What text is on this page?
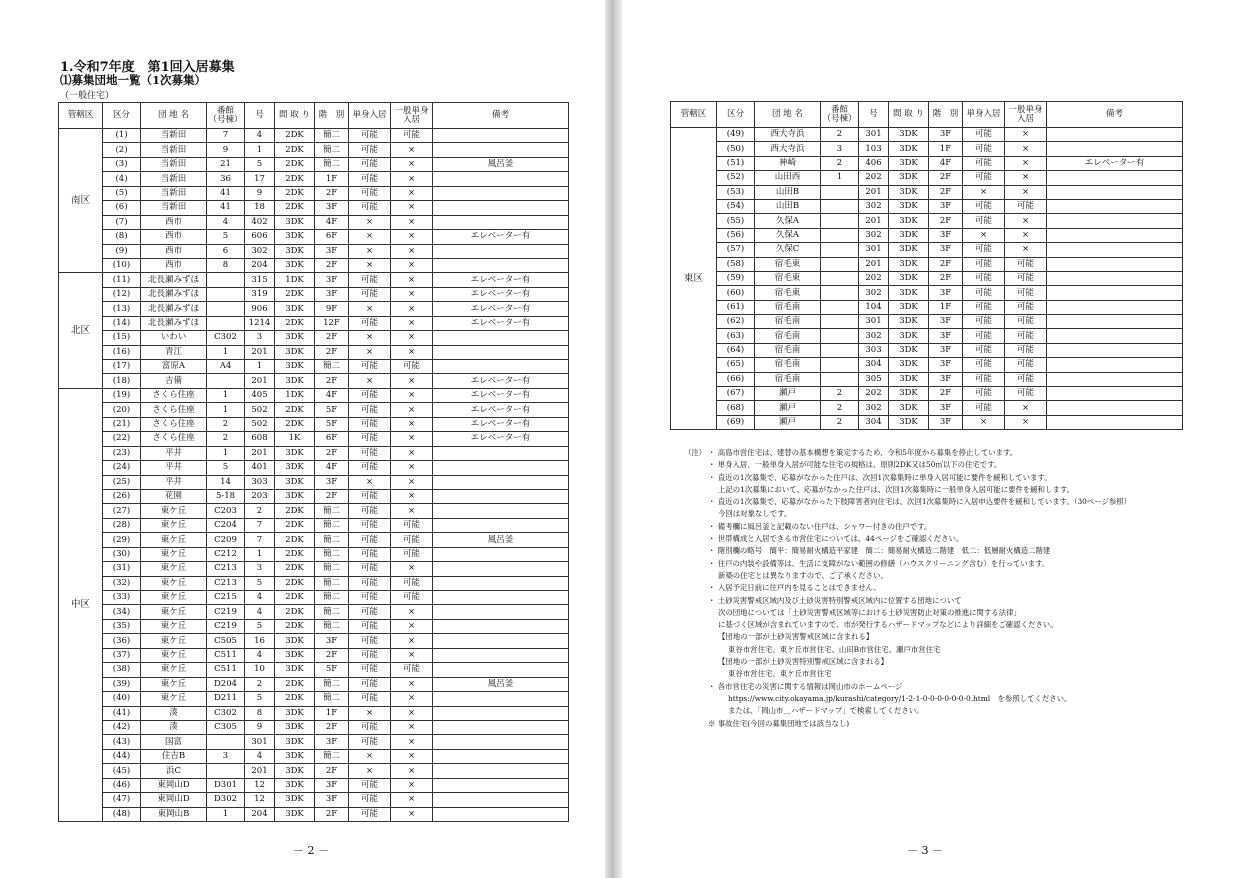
1.令和7年度　第1回入居募集
⑴募集団地一覧（1次募集）
（一般住宅）
－ 2 －	－ 3 －
管轄区	区分	団 地 名	番館
（号棟）	号	間 取 り	階　別	単身入居	一般単身
入居	備考
南区	(1)	当新田	7	4	2DK	簡二	可能	可能	
	(2)	当新田	9	1	2DK	簡二	可能	×	
	(3)	当新田	21	5	2DK	簡二	可能	×	風呂釜
	(4)	当新田	36	17	2DK	1F	可能	×	
	(5)	当新田	41	9	2DK	2F	可能	×	
	(6)	当新田	41	18	2DK	3F	可能	×	
	(7)	西市	4	402	3DK	4F	×	×	
	(8)	西市	5	606	3DK	6F	×	×	エレベーター有
	(9)	西市	6	302	3DK	3F	×	×	
	(10)	西市	8	204	3DK	2F	×	×	
北区	(11)	北長瀬みずほ		315	1DK	3F	可能	×	エレベーター有
	(12)	北長瀬みずほ		319	2DK	3F	可能	×	エレベーター有
	(13)	北長瀬みずほ		906	3DK	9F	×	×	エレベーター有
	(14)	北長瀬みずほ		1214	2DK	12F	可能	×	エレベーター有
	(15)	いわい	C302	3	3DK	2F	×	×	
	(16)	青江	1	201	3DK	2F	×	×	
	(17)	富原A	A4	1	3DK	簡二	可能	可能	
	(18)	吉備		201	3DK	2F	×	×	エレベーター有
中区	(19)	さくら住座	1	405	1DK	4F	可能	×	エレベーター有
	(20)	さくら住座	1	502	2DK	5F	可能	×	エレベーター有
	(21)	さくら住座	2	502	2DK	5F	可能	×	エレベーター有
	(22)	さくら住座	2	608	1K	6F	可能	×	エレベーター有
	(23)	平井	1	201	3DK	2F	可能	×	
	(24)	平井	5	401	3DK	4F	可能	×	
	(25)	平井	14	303	3DK	3F	×	×	
	(26)	花園	5-18	203	3DK	2F	可能	×	
	(27)	東ケ丘	C203	2	2DK	簡二	可能	×	
	(28)	東ケ丘	C204	7	2DK	簡二	可能	可能	
	(29)	東ケ丘	C209	7	2DK	簡二	可能	可能	風呂釜
	(30)	東ケ丘	C212	1	2DK	簡二	可能	可能	
	(31)	東ケ丘	C213	3	2DK	簡二	可能	×	
	(32)	東ケ丘	C213	5	2DK	簡二	可能	可能	
	(33)	東ケ丘	C215	4	2DK	簡二	可能	可能	
	(34)	東ケ丘	C219	4	2DK	簡二	可能	×	
	(35)	東ケ丘	C219	5	2DK	簡二	可能	×	
	(36)	東ケ丘	C505	16	3DK	3F	可能	×	
	(37)	東ケ丘	C511	4	3DK	2F	可能	×	
	(38)	東ケ丘	C511	10	3DK	5F	可能	可能	
	(39)	東ケ丘	D204	2	2DK	簡二	可能	×	風呂釜
	(40)	東ケ丘	D211	5	2DK	簡二	可能	×	
	(41)	湊	C302	8	3DK	1F	×	×	
	(42)	湊	C305	9	3DK	2F	可能	×	
	(43)	国富		301	3DK	3F	可能	×	
	(44)	住吉B	3	4	3DK	簡二	×	×	
	(45)	浜C		201	3DK	2F	×	×	
	(46)	東岡山D	D301	12	3DK	3F	可能	×	
	(47)	東岡山D	D302	12	3DK	3F	可能	×	
	(48)	東岡山B	1	204	3DK	2F	可能	×	
管轄区	区分	団 地 名	番館
（号棟）	号	間 取 り	階　別	単身入居	一般単身
入居	備考
東区	(49)	西大寺浜	2	301	3DK	3F	可能	×	
	(50)	西大寺浜	3	103	3DK	1F	可能	×	
	(51)	神崎	2	406	3DK	4F	可能	×	エレベーター有
	(52)	山田西	1	202	3DK	2F	可能	×	
	(53)	山田B		201	3DK	2F	×	×	
	(54)	山田B		302	3DK	3F	可能	可能	
	(55)	久保A		201	3DK	2F	可能	×	
	(56)	久保A		302	3DK	3F	×	×	
	(57)	久保C		301	3DK	3F	可能	×	
	(58)	宿毛東		201	3DK	2F	可能	可能	
	(59)	宿毛東		202	3DK	2F	可能	可能	
	(60)	宿毛東		302	3DK	3F	可能	可能	
	(61)	宿毛南		104	3DK	1F	可能	可能	
	(62)	宿毛南		301	3DK	3F	可能	可能	
	(63)	宿毛南		302	3DK	3F	可能	可能	
	(64)	宿毛南		303	3DK	3F	可能	可能	
	(65)	宿毛南		304	3DK	3F	可能	可能	
	(66)	宿毛南		305	3DK	3F	可能	可能	
	(67)	瀬戸	2	202	3DK	2F	可能	可能	
	(68)	瀬戸	2	302	3DK	3F	可能	×	
	(69)	瀬戸	2	304	3DK	3F	×	×	
（注） ・ 高島市営住宅は、建替の基本構想を策定するため、令和5年度から募集を停止しています。
・ 単身入居、一般単身入居が可能な住宅の規格は、原則2DK又は50㎡以下の住宅です。
・ 直近の1次募集で、応募がなかった住戸は、次回1次募集時に単身入居可能に要件を緩和しています。
上記の1次募集において、応募がなかった住戸は、次回1次募集時に一般単身入居可能に要件を緩和します。
・ 直近の1次募集で、応募がなかった下肢障害者向住宅は、次回1次募集時に入居申込要件を緩和しています。（30ページ参照）
今回は対象なしです。
・ 備考欄に風呂釜と記載のない住戸は、シャワー付きの住戸です。
・ 世帯構成と入居できる市営住宅については、44ページをご確認ください。
・ 階別欄の略号　簡平：簡易耐火構造平家建　簡二：簡易耐火構造二階建　低二：低層耐火構造二階建
・ 住戸の内装や設備等は、生活に支障がない範囲の修繕（ハウスクリーニング含む）を行っています。
新築の住宅とは異なりますので、ご了承ください。
・ 入居予定日前に住戸内を見ることはできません。
・ 土砂災害警戒区域内及び土砂災害特別警戒区域内に位置する団地について
次の団地については「土砂災害警戒区域等における土砂災害防止対策の推進に関する法律」
に基づく区域が含まれていますので、市が発行するハザードマップなどにより詳細をご確認ください。
【団地の一部が土砂災害警戒区域に含まれる】
東谷市営住宅、東ケ丘市営住宅、山田B市営住宅、瀬戸市営住宅
【団地の一部が土砂災害特別警戒区域に含まれる】
東谷市営住宅、東ケ丘市営住宅
・ 各市営住宅の災害に関する情報は岡山市のホームページ
https://www.city.okayama.jp/kurashi/category/1-2-1-0-0-0-0-0-0-0.html　を参照してください。
または、「岡山市＿ハザードマップ」で検索してください。
※ 事故住宅(今回の募集団地では該当なし)
